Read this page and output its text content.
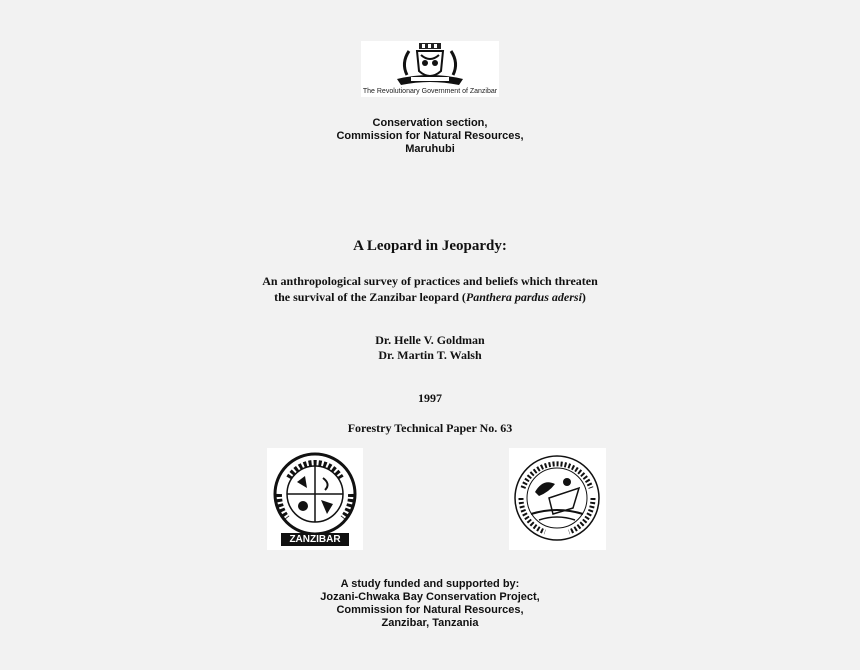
The Revolutionary Government of Zanzibar
Conservation section,
Commission for Natural Resources,
Maruhubi
A Leopard in Jeopardy:
An anthropological survey of practices and beliefs which threaten
the survival of the Zanzibar leopard (Panthera pardus adersi)
Dr. Helle V. Goldman
Dr. Martin T. Walsh
1997
Forestry Technical Paper No. 63
ZANZIBAR
A study funded and supported by:
Jozani-Chwaka Bay Conservation Project,
Commission for Natural Resources,
Zanzibar, Tanzania
